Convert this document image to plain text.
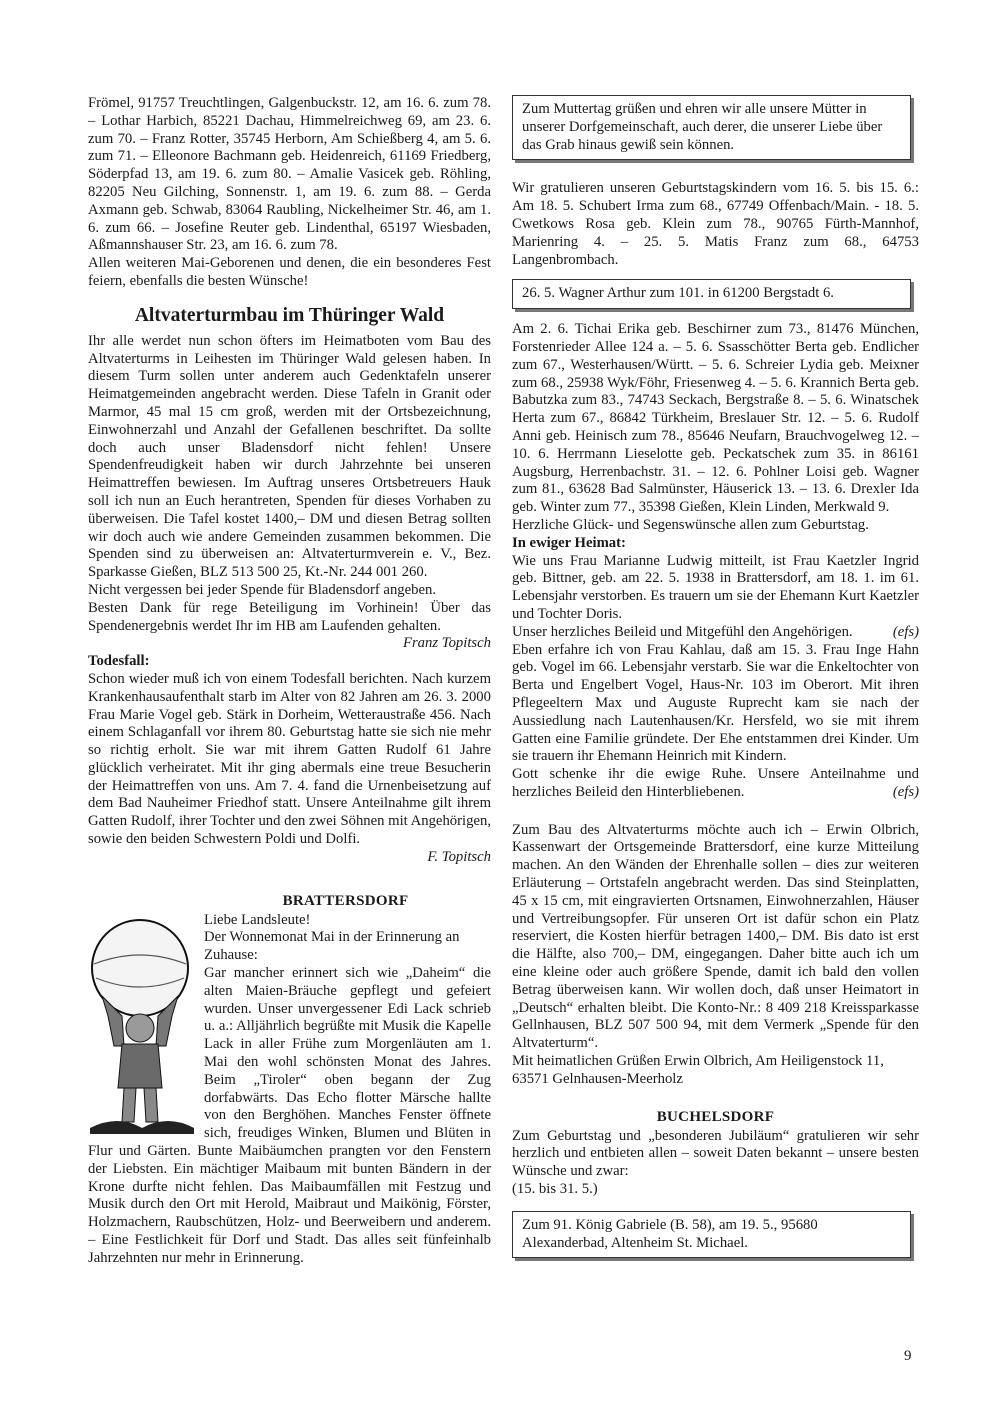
Frömel, 91757 Treuchtlingen, Galgenbuckstr. 12, am 16. 6. zum 78. – Lothar Harbich, 85221 Dachau, Himmelreichweg 69, am 23. 6. zum 70. – Franz Rotter, 35745 Herborn, Am Schießberg 4, am 5. 6. zum 71. – Elleonore Bachmann geb. Heidenreich, 61169 Friedberg, Söderpfad 13, am 19. 6. zum 80. – Amalie Vasicek geb. Röhling, 82205 Neu Gilching, Sonnenstr. 1, am 19. 6. zum 88. – Gerda Axmann geb. Schwab, 83064 Raubling, Nickelheimer Str. 46, am 1. 6. zum 66. – Josefine Reuter geb. Lindenthal, 65197 Wiesbaden, Aßmannshauser Str. 23, am 16. 6. zum 78.

Allen weiteren Mai-Geborenen und denen, die ein besonderes Fest feiern, ebenfalls die besten Wünsche!

Altvaterturmbau im Thüringer Wald

Ihr alle werdet nun schon öfters im Heimatboten vom Bau des Altvaterturms in Leihesten im Thüringer Wald gelesen haben. In diesem Turm sollen unter anderem auch Gedenktafeln unserer Heimatgemeinden angebracht werden. Diese Tafeln in Granit oder Marmor, 45 mal 15 cm groß, werden mit der Ortsbezeichnung, Einwohnerzahl und Anzahl der Gefallenen beschriftet. Da sollte doch auch unser Bladensdorf nicht fehlen! Unsere Spendenfreudigkeit haben wir durch Jahrzehnte bei unseren Heimattreffen bewiesen. Im Auftrag unseres Ortsbetreuers Hauk soll ich nun an Euch herantreten, Spenden für dieses Vorhaben zu überweisen. Die Tafel kostet 1400,– DM und diesen Betrag sollten wir doch auch wie andere Gemeinden zusammen bekommen. Die Spenden sind zu überweisen an: Altvaterturmverein e. V., Bez. Sparkasse Gießen, BLZ 513 500 25, Kt.-Nr. 244 001 260.

Nicht vergessen bei jeder Spende für Bladensdorf angeben.

Besten Dank für rege Beteiligung im Vorhinein! Über das Spendenergebnis werdet Ihr im HB am Laufenden gehalten.

Franz Topitsch

Todesfall:

Schon wieder muß ich von einem Todesfall berichten. Nach kurzem Krankenhausaufenthalt starb im Alter von 82 Jahren am 26. 3. 2000 Frau Marie Vogel geb. Stärk in Dorheim, Wetteraustraße 456. Nach einem Schlaganfall vor ihrem 80. Geburtstag hatte sie sich nie mehr so richtig erholt. Sie war mit ihrem Gatten Rudolf 61 Jahre glücklich verheiratet. Mit ihr ging abermals eine treue Besucherin der Heimattreffen von uns. Am 7. 4. fand die Urnenbeisetzung auf dem Bad Nauheimer Friedhof statt. Unsere Anteilnahme gilt ihrem Gatten Rudolf, ihrer Tochter und den zwei Söhnen mit Angehörigen, sowie den beiden Schwestern Poldi und Dolfi.

F. Topitsch

BRATTERSDORF

Liebe Landsleute!

Der Wonnemonat Mai in der Erinnerung an Zuhause:

Gar mancher erinnert sich wie „Daheim“ die alten Maien-Bräuche gepflegt und gefeiert wurden. Unser unvergessener Edi Lack schrieb u. a.: Alljährlich begrüßte mit Musik die Kapelle Lack in aller Frühe zum Morgenläuten am 1. Mai den wohl schönsten Monat des Jahres. Beim „Tiroler“ oben begann der Zug dorfabwärts. Das Echo flotter Märsche hallte von den Berghöhen. Manches Fenster öffnete sich, freudiges Winken, Blumen und Blüten in Flur und Gärten. Bunte Maibäumchen prangten vor den Fenstern der Liebsten. Ein mächtiger Maibaum mit bunten Bändern in der Krone durfte nicht fehlen. Das Maibaumfällen mit Festzug und Musik durch den Ort mit Herold, Maibraut und Maikönig, Förster, Holzmachern, Raubschützen, Holz- und Beerweibern und anderem. – Eine Festlichkeit für Dorf und Stadt. Das alles seit fünfeinhalb Jahrzehnten nur mehr in Erinnerung.

Zum Muttertag grüßen und ehren wir alle unsere Mütter in unserer Dorfgemeinschaft, auch derer, die unserer Liebe über das Grab hinaus gewiß sein können.

Wir gratulieren unseren Geburtstagskindern vom 16. 5. bis 15. 6.: Am 18. 5. Schubert Irma zum 68., 67749 Offenbach/Main. - 18. 5. Cwetkows Rosa geb. Klein zum 78., 90765 Fürth-Mannhof, Marienring 4. – 25. 5. Matis Franz zum 68., 64753 Langenbrombach.

26. 5. Wagner Arthur zum 101. in 61200 Bergstadt 6.

Am 2. 6. Tichai Erika geb. Beschirner zum 73., 81476 München, Forstenrieder Allee 124 a. – 5. 6. Ssasschötter Berta geb. Endlicher zum 67., Westerhausen/Württ. – 5. 6. Schreier Lydia geb. Meixner zum 68., 25938 Wyk/Föhr, Friesenweg 4. – 5. 6. Krannich Berta geb. Babutzka zum 83., 74743 Seckach, Bergstraße 8. – 5. 6. Winatschek Herta zum 67., 86842 Türkheim, Breslauer Str. 12. – 5. 6. Rudolf Anni geb. Heinisch zum 78., 85646 Neufarn, Brauchvogelweg 12. – 10. 6. Herrmann Lieselotte geb. Peckatschek zum 35. in 86161 Augsburg, Herrenbachstr. 31. – 12. 6. Pohlner Loisi geb. Wagner zum 81., 63628 Bad Salmünster, Häuserick 13. – 13. 6. Drexler Ida geb. Winter zum 77., 35398 Gießen, Klein Linden, Merkwald 9.

Herzliche Glück- und Segenswünsche allen zum Geburtstag.

In ewiger Heimat:

Wie uns Frau Marianne Ludwig mitteilt, ist Frau Kaetzler Ingrid geb. Bittner, geb. am 22. 5. 1938 in Brattersdorf, am 18. 1. im 61. Lebensjahr verstorben. Es trauern um sie der Ehemann Kurt Kaetzler und Tochter Doris.

Unser herzliches Beileid und Mitgefühl den Angehörigen.	(efs)

Eben erfahre ich von Frau Kahlau, daß am 15. 3. Frau Inge Hahn geb. Vogel im 66. Lebensjahr verstarb. Sie war die Enkeltochter von Berta und Engelbert Vogel, Haus-Nr. 103 im Oberort. Mit ihren Pflegeeltern Max und Auguste Ruprecht kam sie nach der Aussiedlung nach Lautenhausen/Kr. Hersfeld, wo sie mit ihrem Gatten eine Familie gründete. Der Ehe entstammen drei Kinder. Um sie trauern ihr Ehemann Heinrich mit Kindern.

Gott schenke ihr die ewige Ruhe. Unsere Anteilnahme und herzliches Beileid den Hinterbliebenen.	(efs)

Zum Bau des Altvaterturms möchte auch ich – Erwin Olbrich, Kassenwart der Ortsgemeinde Brattersdorf, eine kurze Mitteilung machen. An den Wänden der Ehrenhalle sollen – dies zur weiteren Erläuterung – Ortstafeln angebracht werden. Das sind Steinplatten, 45 x 15 cm, mit eingravierten Ortsnamen, Einwohnerzahlen, Häuser und Vertreibungsopfer. Für unseren Ort ist dafür schon ein Platz reserviert, die Kosten hierfür betragen 1400,– DM. Bis dato ist erst die Hälfte, also 700,– DM, eingegangen. Daher bitte auch ich um eine kleine oder auch größere Spende, damit ich bald den vollen Betrag überweisen kann. Wir wollen doch, daß unser Heimatort in „Deutsch“ erhalten bleibt. Die Konto-Nr.: 8 409 218 Kreissparkasse Gellnhausen, BLZ 507 500 94, mit dem Vermerk „Spende für den Altvaterturm“.

Mit heimatlichen Grüßen Erwin Olbrich, Am Heiligenstock 11, 63571 Gelnhausen-Meerholz

BUCHELSDORF

Zum Geburtstag und „besonderen Jubiläum“ gratulieren wir sehr herzlich und entbieten allen – soweit Daten bekannt – unsere besten Wünsche und zwar:

(15. bis 31. 5.)

Zum 91. König Gabriele (B. 58), am 19. 5., 95680 Alexanderbad, Altenheim St. Michael.

9
